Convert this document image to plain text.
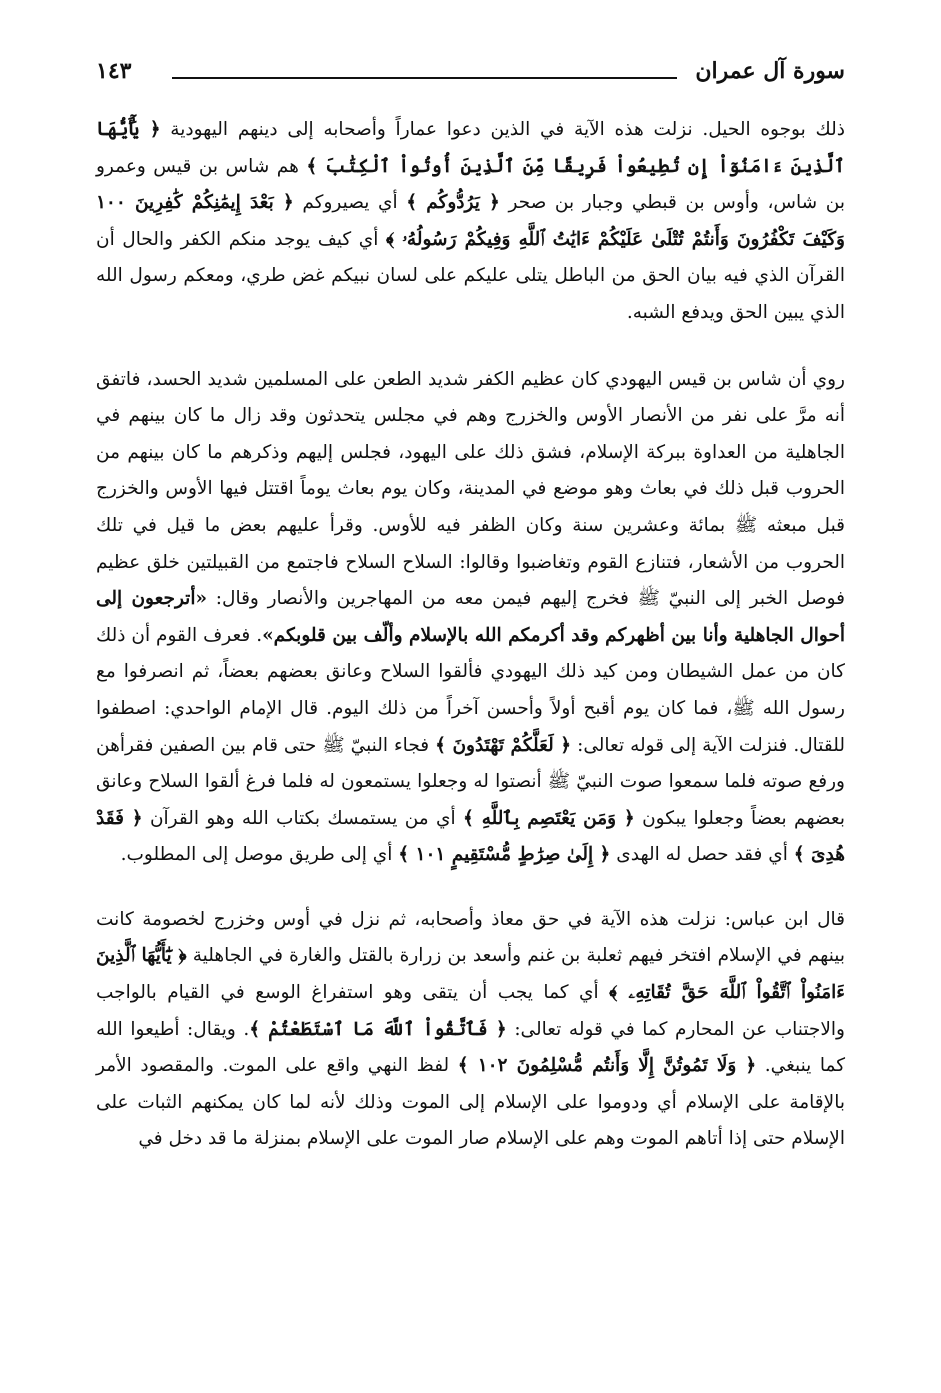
سورة آل عمران
١٤٣

ذلك بوجوه الحيل. نزلت هذه الآية في الذين دعوا عماراً وأصحابه إلى دينهم اليهودية ﴿ يَٰٓأَيُّهَا ٱلَّذِينَ ءَامَنُوٓاْ إِن تُطِيعُواْ فَرِيقًا مِّنَ ٱلَّذِينَ أُوتُواْ ٱلْكِتَٰبَ ﴾ هم شاس بن قيس وعمرو بن شاس، وأوس بن قبطي وجبار بن صحر ﴿ يَرُدُّوكُم ﴾ أي يصيروكم ﴿ بَعْدَ إِيمَٰنِكُمْ كَٰفِرِينَ ١٠٠ وَكَيْفَ تَكْفُرُونَ وَأَنتُمْ تُتْلَىٰ عَلَيْكُمْ ءَايَٰتُ ٱللَّهِ وَفِيكُمْ رَسُولُهُۥ ﴾ أي كيف يوجد منكم الكفر والحال أن القرآن الذي فيه بيان الحق من الباطل يتلى عليكم على لسان نبيكم غض طري، ومعكم رسول الله الذي يبين الحق ويدفع الشبه.

روي أن شاس بن قيس اليهودي كان عظيم الكفر شديد الطعن على المسلمين شديد الحسد، فاتفق أنه مرَّ على نفر من الأنصار الأوس والخزرج وهم في مجلس يتحدثون وقد زال ما كان بينهم في الجاهلية من العداوة ببركة الإسلام، فشق ذلك على اليهود، فجلس إليهم وذكرهم ما كان بينهم من الحروب قبل ذلك في بعاث وهو موضع في المدينة، وكان يوم بعاث يوماً اقتتل فيها الأوس والخزرج قبل مبعثه ﷺ بمائة وعشرين سنة وكان الظفر فيه للأوس. وقرأ عليهم بعض ما قيل في تلك الحروب من الأشعار، فتنازع القوم وتغاضبوا وقالوا: السلاح السلاح فاجتمع من القبيلتين خلق عظيم فوصل الخبر إلى النبيّ ﷺ فخرج إليهم فيمن معه من المهاجرين والأنصار وقال: «أترجعون إلى أحوال الجاهلية وأنا بين أظهركم وقد أكرمكم الله بالإسلام وألّف بين قلوبكم». فعرف القوم أن ذلك كان من عمل الشيطان ومن كيد ذلك اليهودي فألقوا السلاح وعانق بعضهم بعضاً، ثم انصرفوا مع رسول الله ﷺ، فما كان يوم أقبح أولاً وأحسن آخراً من ذلك اليوم. قال الإمام الواحدي: اصطفوا للقتال. فنزلت الآية إلى قوله تعالى: ﴿ لَعَلَّكُمْ تَهْتَدُونَ ﴾ فجاء النبيّ ﷺ حتى قام بين الصفين فقرأهن ورفع صوته فلما سمعوا صوت النبيّ ﷺ أنصتوا له وجعلوا يستمعون له فلما فرغ ألقوا السلاح وعانق بعضهم بعضاً وجعلوا يبكون ﴿ وَمَن يَعْتَصِم بِٱللَّهِ ﴾ أي من يستمسك بكتاب الله وهو القرآن ﴿ فَقَدْ هُدِىَ ﴾ أي فقد حصل له الهدى ﴿ إِلَىٰ صِرَٰطٍ مُّسْتَقِيمٍ ١٠١ ﴾ أي إلى طريق موصل إلى المطلوب.

قال ابن عباس: نزلت هذه الآية في حق معاذ وأصحابه، ثم نزل في أوس وخزرج لخصومة كانت بينهم في الإسلام افتخر فيهم ثعلبة بن غنم وأسعد بن زرارة بالقتل والغارة في الجاهلية ﴿ يَٰٓأَيُّهَا ٱلَّذِينَ ءَامَنُواْ ٱتَّقُواْ ٱللَّهَ حَقَّ تُقَاتِهِۦ ﴾ أي كما يجب أن يتقى وهو استفراغ الوسع في القيام بالواجب والاجتناب عن المحارم كما في قوله تعالى: ﴿ فَٱتَّقُواْ ٱللَّهَ مَا ٱسْتَطَعْتُمْ ﴾. ويقال: أطيعوا الله كما ينبغي. ﴿ وَلَا تَمُوتُنَّ إِلَّا وَأَنتُم مُّسْلِمُونَ ١٠٢ ﴾ لفظ النهي واقع على الموت. والمقصود الأمر بالإقامة على الإسلام أي ودوموا على الإسلام إلى الموت وذلك لأنه لما كان يمكنهم الثبات على الإسلام حتى إذا أتاهم الموت وهم على الإسلام صار الموت على الإسلام بمنزلة ما قد دخل في
